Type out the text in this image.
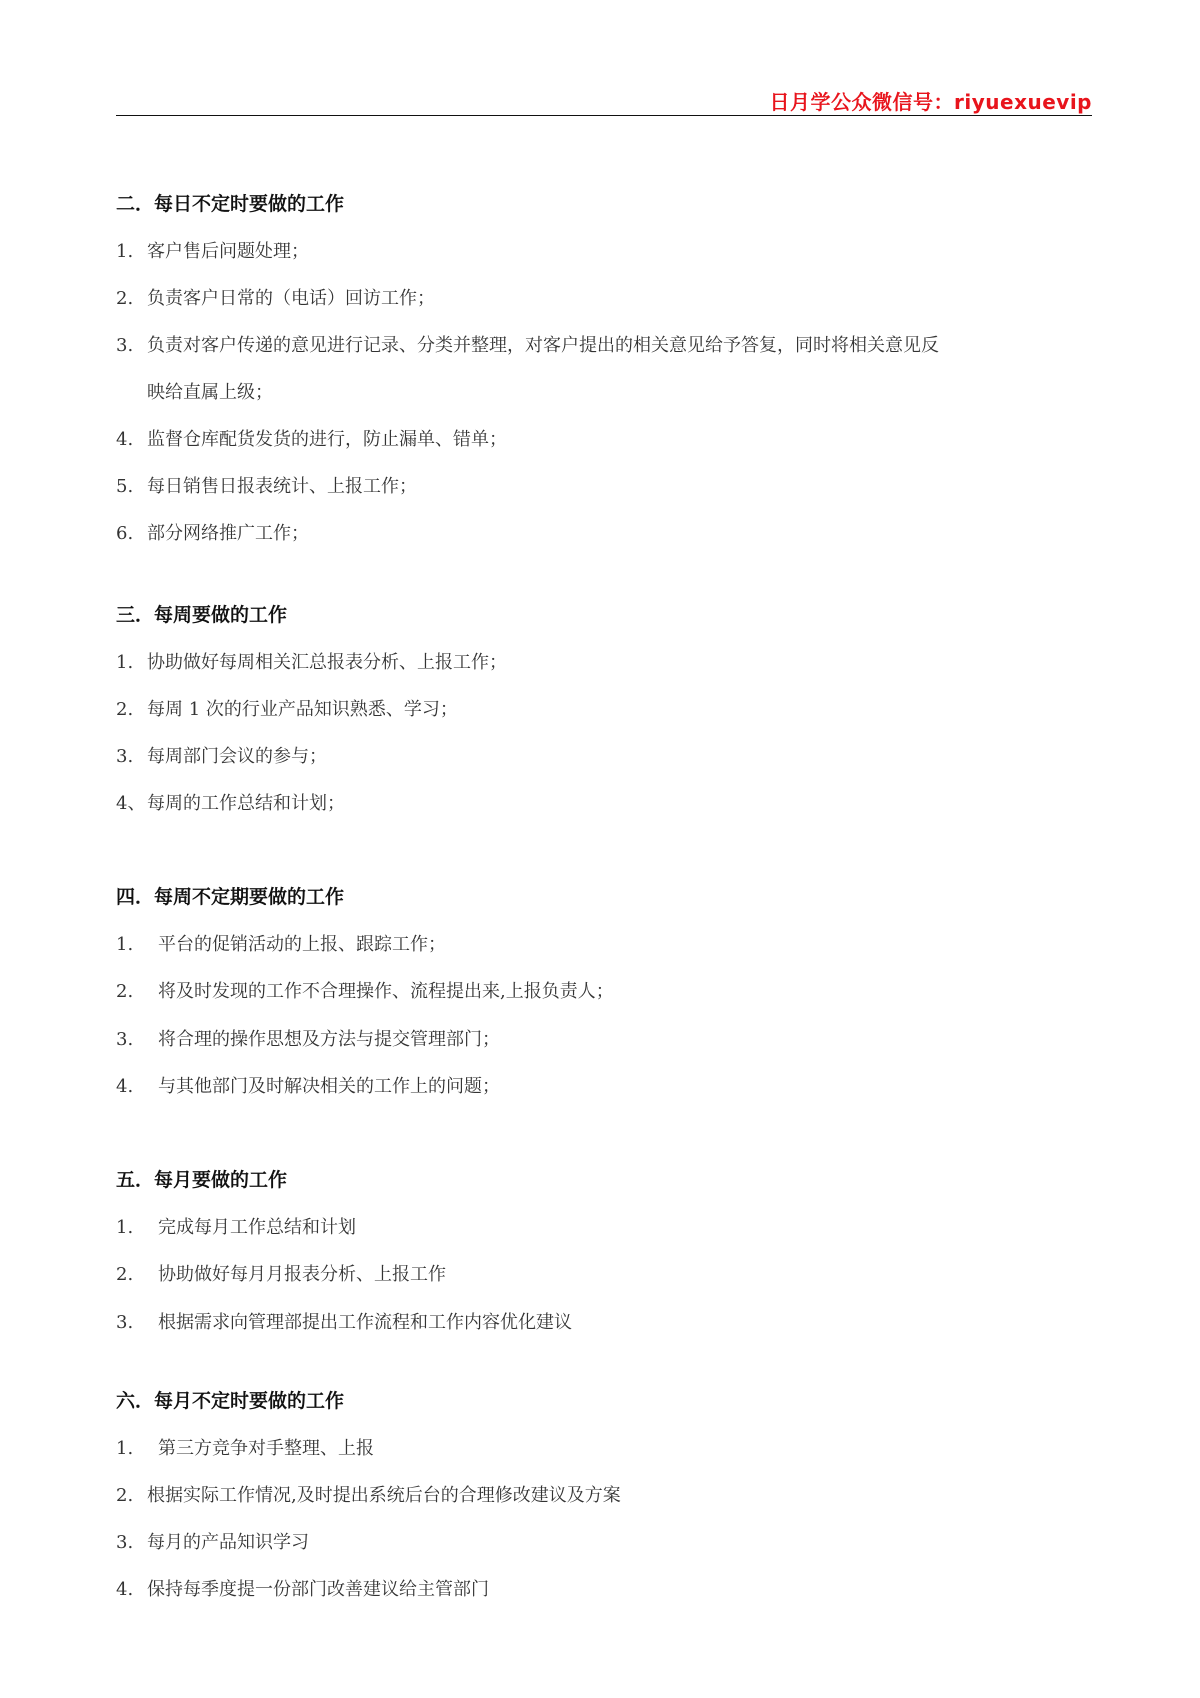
日月学公众微信号：riyuexuevip
二．每日不定时要做的工作
1. 客户售后问题处理；
2. 负责客户日常的（电话）回访工作；
3. 负责对客户传递的意见进行记录、分类并整理，对客户提出的相关意见给予答复，同时将相关意见反
映给直属上级；
4. 监督仓库配货发货的进行，防止漏单、错单；
5. 每日销售日报表统计、上报工作；
6. 部分网络推广工作；
三．每周要做的工作
1. 协助做好每周相关汇总报表分析、上报工作；
2. 每周 1 次的行业产品知识熟悉、学习；
3. 每周部门会议的参与；
4、每周的工作总结和计划；
四．每周不定期要做的工作
1. 平台的促销活动的上报、跟踪工作；
2. 将及时发现的工作不合理操作、流程提出来,上报负责人；
3. 将合理的操作思想及方法与提交管理部门；
4. 与其他部门及时解决相关的工作上的问题；
五．每月要做的工作
1. 完成每月工作总结和计划
2. 协助做好每月月报表分析、上报工作
3. 根据需求向管理部提出工作流程和工作内容优化建议
六．每月不定时要做的工作
1. 第三方竞争对手整理、上报
2. 根据实际工作情况,及时提出系统后台的合理修改建议及方案
3. 每月的产品知识学习
4. 保持每季度提一份部门改善建议给主管部门
